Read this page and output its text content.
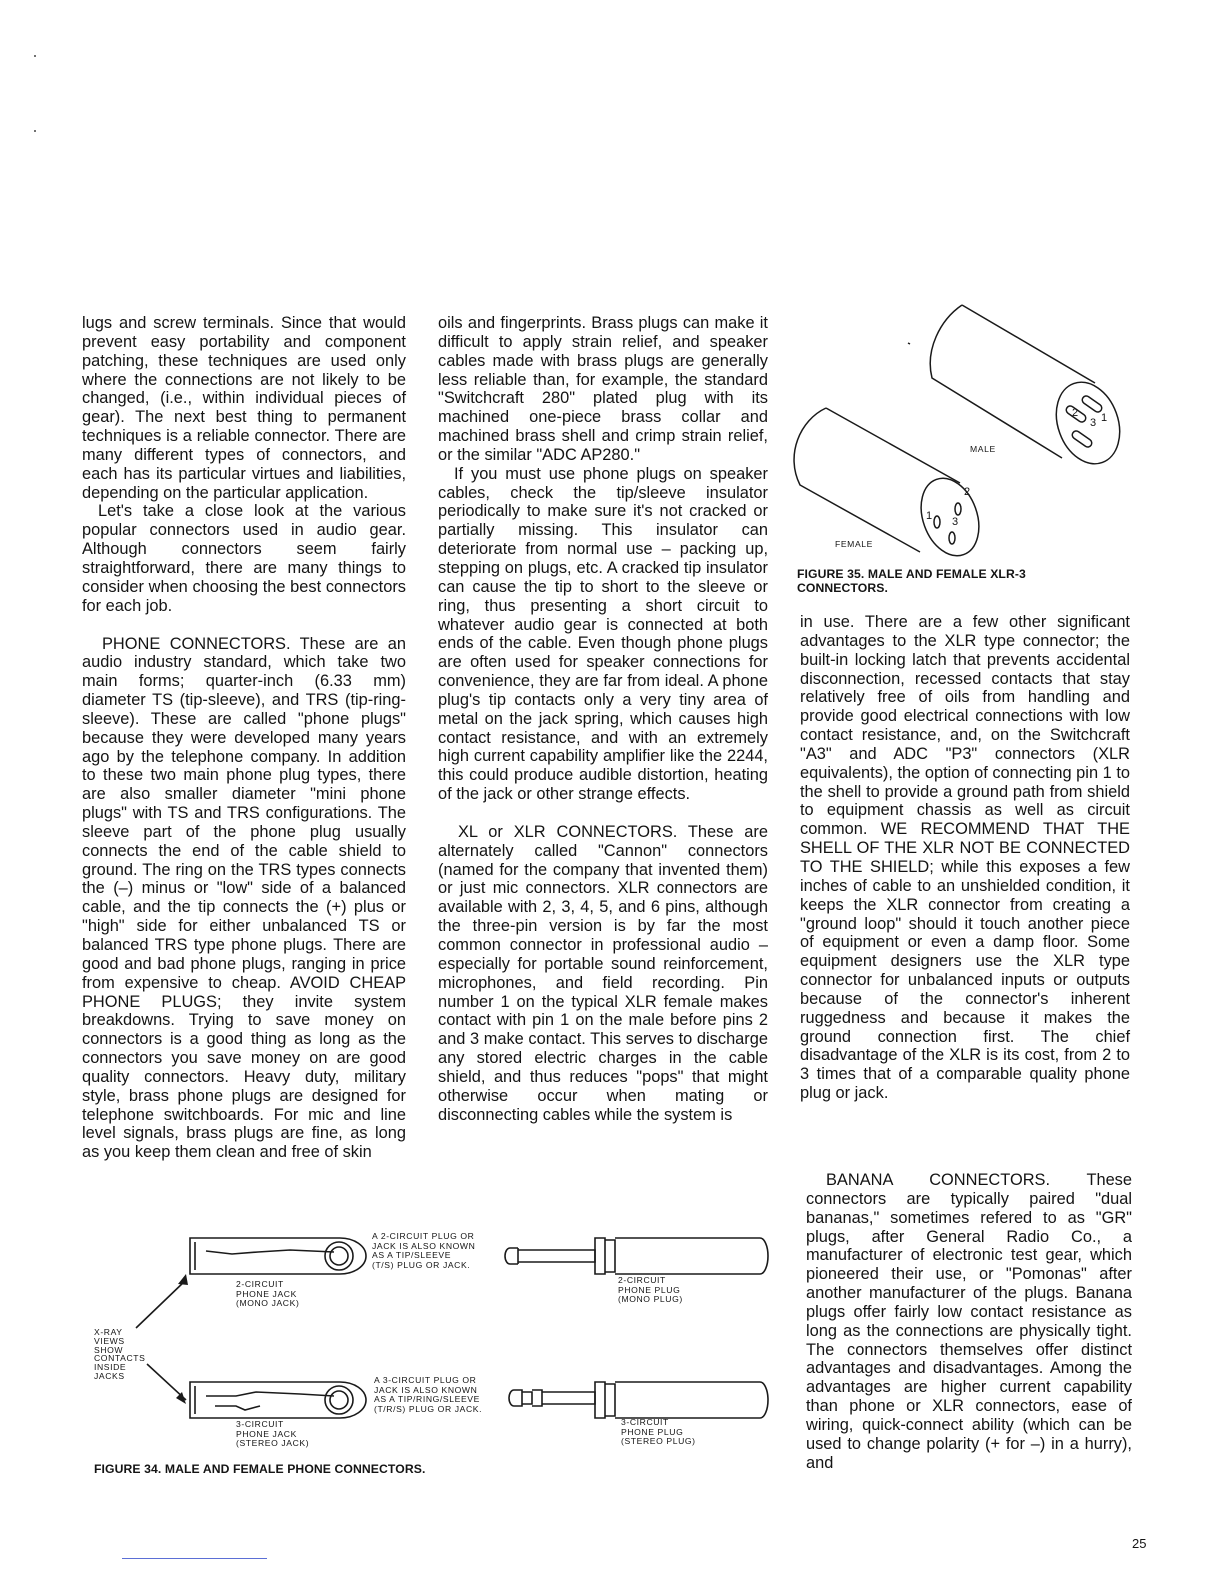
lugs and screw terminals. Since that would prevent easy portability and component patching, these techniques are used only where the connections are not likely to be changed, (i.e., within individual pieces of gear). The next best thing to permanent techniques is a reliable connector. There are many different types of connectors, and each has its particular virtues and liabilities, depending on the particular application.

Let's take a close look at the various popular connectors used in audio gear. Although connectors seem fairly straightforward, there are many things to consider when choosing the best connectors for each job.

PHONE CONNECTORS. These are an audio industry standard, which take two main forms; quarter-inch (6.33 mm) diameter TS (tip-sleeve), and TRS (tip-ring-sleeve). These are called "phone plugs" because they were developed many years ago by the telephone company. In addition to these two main phone plug types, there are also smaller diameter "mini phone plugs" with TS and TRS configurations. The sleeve part of the phone plug usually connects the end of the cable shield to ground. The ring on the TRS types connects the (–) minus or "low" side of a balanced cable, and the tip connects the (+) plus or "high" side for either unbalanced TS or balanced TRS type phone plugs. There are good and bad phone plugs, ranging in price from expensive to cheap. AVOID CHEAP PHONE PLUGS; they invite system breakdowns. Trying to save money on connectors is a good thing as long as the connectors you save money on are good quality connectors. Heavy duty, military style, brass phone plugs are designed for telephone switchboards. For mic and line level signals, brass plugs are fine, as long as you keep them clean and free of skin

oils and fingerprints. Brass plugs can make it difficult to apply strain relief, and speaker cables made with brass plugs are generally less reliable than, for example, the standard "Switchcraft 280" plated plug with its machined one-piece brass collar and machined brass shell and crimp strain relief, or the similar "ADC AP280."

If you must use phone plugs on speaker cables, check the tip/sleeve insulator periodically to make sure it's not cracked or partially missing. This insulator can deteriorate from normal use – packing up, stepping on plugs, etc. A cracked tip insulator can cause the tip to short to the sleeve or ring, thus presenting a short circuit to whatever audio gear is connected at both ends of the cable. Even though phone plugs are often used for speaker connections for convenience, they are far from ideal. A phone plug's tip contacts only a very tiny area of metal on the jack spring, which causes high contact resistance, and with an extremely high current capability amplifier like the 2244, this could produce audible distortion, heating of the jack or other strange effects.

XL or XLR CONNECTORS. These are alternately called "Cannon" connectors (named for the company that invented them) or just mic connectors. XLR connectors are available with 2, 3, 4, 5, and 6 pins, although the three-pin version is by far the most common connector in professional audio – especially for portable sound reinforcement, microphones, and field recording. Pin number 1 on the typical XLR female makes contact with pin 1 on the male before pins 2 and 3 make contact. This serves to discharge any stored electric charges in the cable shield, and thus reduces "pops" that might otherwise occur when mating or disconnecting cables while the system is

in use. There are a few other significant advantages to the XLR type connector; the built-in locking latch that prevents accidental disconnection, recessed contacts that stay relatively free of oils from handling and provide good electrical connections with low contact resistance, and, on the Switchcraft "A3" and ADC "P3" connectors (XLR equivalents), the option of connecting pin 1 to the shell to provide a ground path from shield to equipment chassis as well as circuit common. WE RECOMMEND THAT THE SHELL OF THE XLR NOT BE CONNECTED TO THE SHIELD; while this exposes a few inches of cable to an unshielded condition, it keeps the XLR connector from creating a "ground loop" should it touch another piece of equipment or even a damp floor. Some equipment designers use the XLR type connector for unbalanced inputs or outputs because of the connector's inherent ruggedness and because it makes the ground connection first. The chief disadvantage of the XLR is its cost, from 2 to 3 times that of a comparable quality phone plug or jack.

BANANA CONNECTORS. These connectors are typically paired "dual bananas," sometimes refered to as "GR" plugs, after General Radio Co., a manufacturer of electronic test gear, which pioneered their use, or "Pomonas" after another manufacturer of the plugs. Banana plugs offer fairly low contact resistance as long as the connections are physically tight. The connectors themselves offer distinct advantages and disadvantages. Among the advantages are higher current capability than phone or XLR connectors, ease of wiring, quick-connect ability (which can be used to change polarity (+ for –) in a hurry), and

MALE
FEMALE
2
3 1
2
1 3
FIGURE 35. MALE AND FEMALE XLR-3 CONNECTORS.
A 2-CIRCUIT PLUG OR
JACK IS ALSO KNOWN
AS A TIP/SLEEVE
(T/S) PLUG OR JACK.
A 3-CIRCUIT PLUG OR
JACK IS ALSO KNOWN
AS A TIP/RING/SLEEVE
(T/R/S) PLUG OR JACK.
2-CIRCUIT
PHONE JACK
(MONO JACK)
2-CIRCUIT
PHONE PLUG
(MONO PLUG)
3-CIRCUIT
PHONE JACK
(STEREO JACK)
3-CIRCUIT
PHONE PLUG
(STEREO PLUG)
X-RAY
VIEWS
SHOW
CONTACTS
INSIDE
JACKS
FIGURE 34. MALE AND FEMALE PHONE CONNECTORS.
25
